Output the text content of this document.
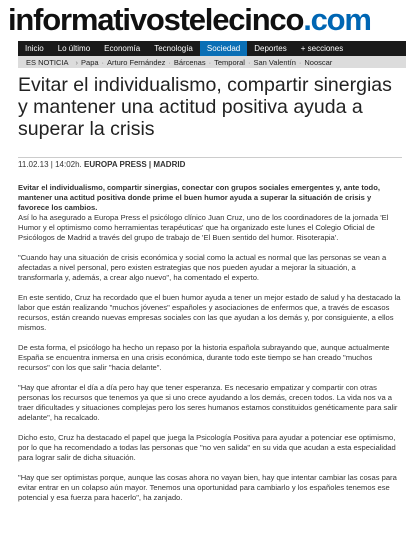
informativostelecinco.com
Inicio	Lo último	Economía	Tecnología	Sociedad	Deportes	+ secciones
ES NOTICIA › Papa · Arturo Fernández · Bárcenas · Temporal · San Valentín · Nooscar
Evitar el individualismo, compartir sinergias y mantener una actitud positiva ayuda a superar la crisis
11.02.13 | 14:02h. EUROPA PRESS | MADRID

Evitar el individualismo, compartir sinergias, conectar con grupos sociales emergentes y, ante todo, mantener una actitud positiva donde prime el buen humor ayuda a superar la situación de crisis y favorece los cambios.

Así lo ha asegurado a Europa Press el psicólogo clínico Juan Cruz, uno de los coordinadores de la jornada 'El Humor y el optimismo como herramientas terapéuticas' que ha organizado este lunes el Colegio Oficial de Psicólogos de Madrid a través del grupo de trabajo de 'El Buen sentido del humor. Risoterapia'.

"Cuando hay una situación de crisis económica y social como la actual es normal que las personas se vean a afectadas a nivel personal, pero existen estrategias que nos pueden ayudar a mejorar la situación, a transformarla y, además, a crear algo nuevo", ha comentado el experto.

En este sentido, Cruz ha recordado que el buen humor ayuda a tener un mejor estado de salud y ha destacado la labor que están realizando "muchos jóvenes" españoles y asociaciones de enfermos que, a través de escasos recursos, están creando nuevas empresas sociales con las que ayudan a los demás y, por consiguiente, a ellos mismos.

De esta forma, el psicólogo ha hecho un repaso por la historia española subrayando que, aunque actualmente España se encuentra inmersa en una crisis económica, durante todo este tiempo se han creado "muchos recursos" con los que salir "hacia delante".

"Hay que afrontar el día a día pero hay que tener esperanza. Es necesario empatizar y compartir con otras personas los recursos que tenemos ya que si uno crece ayudando a los demás, crecen todos. La vida nos va a traer dificultades y situaciones complejas pero los seres humanos estamos constituidos genéticamente para salir adelante", ha recalcado.

Dicho esto, Cruz ha destacado el papel que juega la Psicología Positiva para ayudar a potenciar ese optimismo, por lo que ha recomendado a todas las personas que "no ven salida" en su vida que acudan a esta especialidad para lograr salir de dicha situación.

"Hay que ser optimistas porque, aunque las cosas ahora no vayan bien, hay que intentar cambiar las cosas para evitar entrar en un colapso aún mayor. Tenemos una oportunidad para cambiarlo y los españoles tenemos ese potencial y esa fuerza para hacerlo", ha zanjado.
